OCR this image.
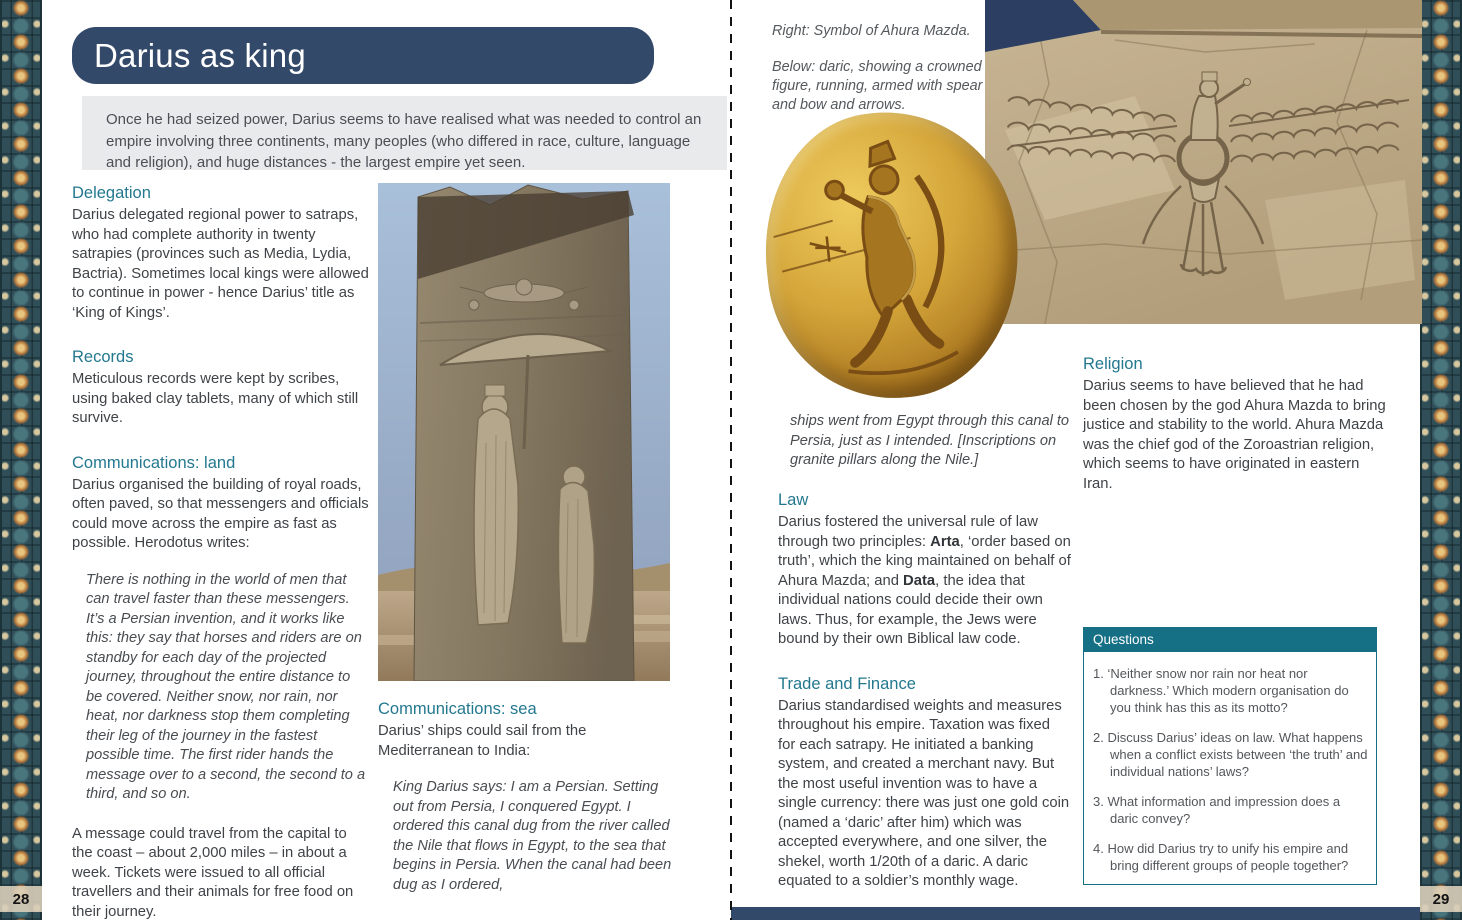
28	29
Darius as king

Once he had seized power, Darius seems to have realised what was needed to control an empire involving three continents, many peoples (who differed in race, culture, language and religion), and huge distances - the largest empire yet seen.

Delegation

Darius delegated regional power to satraps, who had complete authority in twenty satrapies (provinces such as Media, Lydia, Bactria). Sometimes local kings were allowed to continue in power - hence Darius’ title as ‘King of Kings’.

Records

Meticulous records were kept by scribes, using baked clay tablets, many of which still survive.

Communications: land

Darius organised the building of royal roads, often paved, so that messengers and officials could move across the empire as fast as possible. Herodotus writes:

There is nothing in the world of men that can travel faster than these messengers. It’s a Persian invention, and it works like this: they say that horses and riders are on standby for each day of the projected journey, throughout the entire distance to be covered. Neither snow, nor rain, nor heat, nor darkness stop them completing their leg of the journey in the fastest possible time. The first rider hands the message over to a second, the second to a third, and so on.

A message could travel from the capital to the coast – about 2,000 miles – in about a week. Tickets were issued to all official travellers and their animals for free food on their journey.

Communications: sea

Darius’ ships could sail from the Mediterranean to India:

King Darius says: I am a Persian. Setting out from Persia, I conquered Egypt. I ordered this canal dug from the river called the Nile that flows in Egypt, to the sea that begins in Persia. When the canal had been dug as I ordered,

Right: Symbol of Ahura Mazda.

Below: daric, showing a crowned figure, running, armed with spear and bow and arrows.

ships went from Egypt through this canal to Persia, just as I intended. [Inscriptions on granite pillars along the Nile.]
Law

Darius fostered the universal rule of law through two principles: Arta, ‘order based on truth’, which the king maintained on behalf of Ahura Mazda; and Data, the idea that individual nations could decide their own laws. Thus, for example, the Jews were bound by their own Biblical law code.

Trade and Finance

Darius standardised weights and measures throughout his empire. Taxation was fixed for each satrapy. He initiated a banking system, and created a merchant navy. But the most useful invention was to have a single currency: there was just one gold coin (named a ‘daric’ after him) which was accepted everywhere, and one silver, the shekel, worth 1/20th of a daric. A daric equated to a soldier’s monthly wage.

Religion

Darius seems to have believed that he had been chosen by the god Ahura Mazda to bring justice and stability to the world. Ahura Mazda was the chief god of the Zoroastrian religion, which seems to have originated in eastern Iran.

Questions
1. ‘Neither snow nor rain nor heat nor darkness.’ Which modern organisation do you think has this as its motto?
2. Discuss Darius’ ideas on law. What happens when a conflict exists between ‘the truth’ and individual nations’ laws?
3. What information and impression does a daric convey?
4. How did Darius try to unify his empire and bring different groups of people together?
